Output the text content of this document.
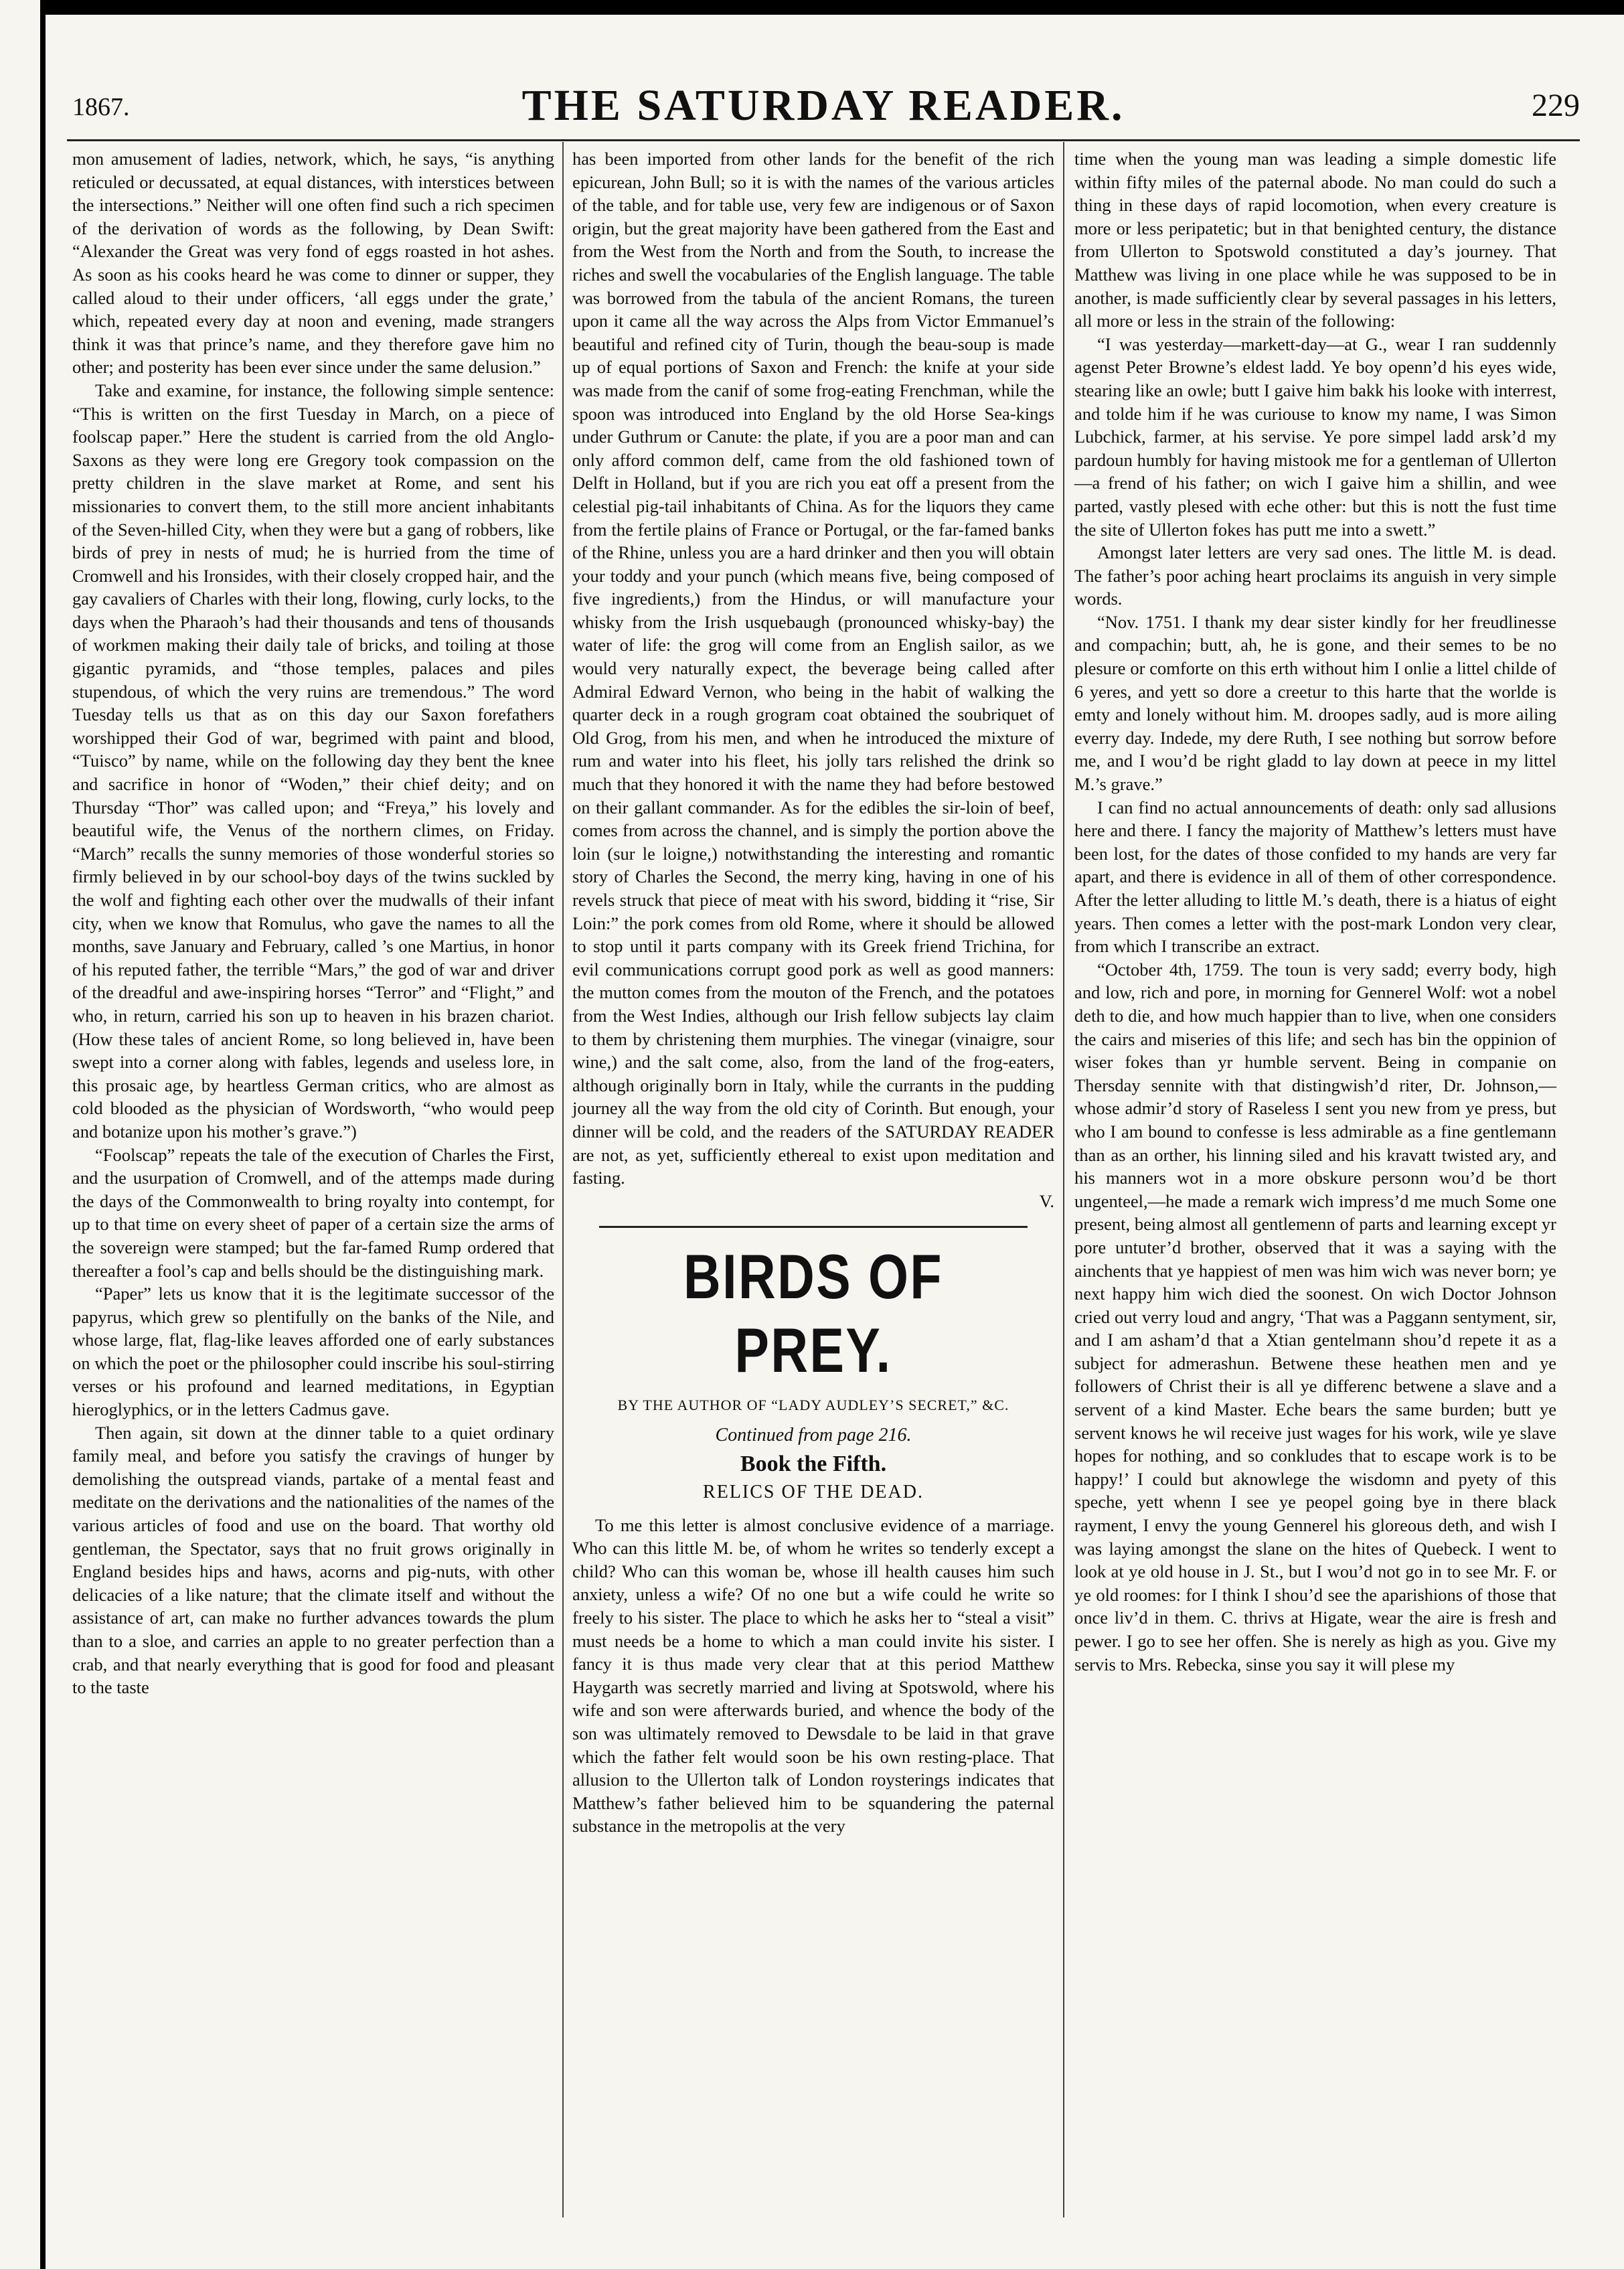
1867.	THE SATURDAY READER.	229

mon amusement of ladies, network, which, he says, “is anything reticuled or decussated, at equal distances, with interstices between the intersections.” Neither will one often find such a rich specimen of the derivation of words as the following, by Dean Swift: “Alexander the Great was very fond of eggs roasted in hot ashes. As soon as his cooks heard he was come to dinner or supper, they called aloud to their under officers, ‘all eggs under the grate,’ which, repeated every day at noon and evening, made strangers think it was that prince’s name, and they therefore gave him no other; and posterity has been ever since under the same delusion.”

Take and examine, for instance, the following simple sentence: “This is written on the first Tuesday in March, on a piece of foolscap paper.” Here the student is carried from the old Anglo-Saxons as they were long ere Gregory took compassion on the pretty children in the slave market at Rome, and sent his missionaries to convert them, to the still more ancient inhabitants of the Seven-hilled City, when they were but a gang of robbers, like birds of prey in nests of mud; he is hurried from the time of Cromwell and his Ironsides, with their closely cropped hair, and the gay cavaliers of Charles with their long, flowing, curly locks, to the days when the Pharaoh’s had their thousands and tens of thousands of workmen making their daily tale of bricks, and toiling at those gigantic pyramids, and “those temples, palaces and piles stupendous, of which the very ruins are tremendous.” The word Tuesday tells us that as on this day our Saxon forefathers worshipped their God of war, begrimed with paint and blood, “Tuisco” by name, while on the following day they bent the knee and sacrifice in honor of “Woden,” their chief deity; and on Thursday “Thor” was called upon; and “Freya,” his lovely and beautiful wife, the Venus of the northern climes, on Friday. “March” recalls the sunny memories of those wonderful stories so firmly believed in by our school-boy days of the twins suckled by the wolf and fighting each other over the mudwalls of their infant city, when we know that Romulus, who gave the names to all the months, save January and February, called ’s one Martius, in honor of his reputed father, the terrible “Mars,” the god of war and driver of the dreadful and awe-inspiring horses “Terror” and “Flight,” and who, in return, carried his son up to heaven in his brazen chariot. (How these tales of ancient Rome, so long believed in, have been swept into a corner along with fables, legends and useless lore, in this prosaic age, by heartless German critics, who are almost as cold blooded as the physician of Wordsworth, “who would peep and botanize upon his mother’s grave.”)

“Foolscap” repeats the tale of the execution of Charles the First, and the usurpation of Cromwell, and of the attemps made during the days of the Commonwealth to bring royalty into contempt, for up to that time on every sheet of paper of a certain size the arms of the sovereign were stamped; but the far-famed Rump ordered that thereafter a fool’s cap and bells should be the distinguishing mark.

“Paper” lets us know that it is the legitimate successor of the papyrus, which grew so plentifully on the banks of the Nile, and whose large, flat, flag-like leaves afforded one of early substances on which the poet or the philosopher could inscribe his soul-stirring verses or his profound and learned meditations, in Egyptian hieroglyphics, or in the letters Cadmus gave.

Then again, sit down at the dinner table to a quiet ordinary family meal, and before you satisfy the cravings of hunger by demolishing the outspread viands, partake of a mental feast and meditate on the derivations and the nationalities of the names of the various articles of food and use on the board. That worthy old gentleman, the Spectator, says that no fruit grows originally in England besides hips and haws, acorns and pig-nuts, with other delicacies of a like nature; that the climate itself and without the assistance of art, can make no further advances towards the plum than to a sloe, and carries an apple to no greater perfection than a crab, and that nearly everything that is good for food and pleasant to the taste

has been imported from other lands for the benefit of the rich epicurean, John Bull; so it is with the names of the various articles of the table, and for table use, very few are indigenous or of Saxon origin, but the great majority have been gathered from the East and from the West from the North and from the South, to increase the riches and swell the vocabularies of the English language. The table was borrowed from the tabula of the ancient Romans, the tureen upon it came all the way across the Alps from Victor Emmanuel’s beautiful and refined city of Turin, though the beau-soup is made up of equal portions of Saxon and French: the knife at your side was made from the canif of some frog-eating Frenchman, while the spoon was introduced into England by the old Horse Sea-kings under Guthrum or Canute: the plate, if you are a poor man and can only afford common delf, came from the old fashioned town of Delft in Holland, but if you are rich you eat off a present from the celestial pig-tail inhabitants of China. As for the liquors they came from the fertile plains of France or Portugal, or the far-famed banks of the Rhine, unless you are a hard drinker and then you will obtain your toddy and your punch (which means five, being composed of five ingredients,) from the Hindus, or will manufacture your whisky from the Irish usquebaugh (pronounced whisky-bay) the water of life: the grog will come from an English sailor, as we would very naturally expect, the beverage being called after Admiral Edward Vernon, who being in the habit of walking the quarter deck in a rough grogram coat obtained the soubriquet of Old Grog, from his men, and when he introduced the mixture of rum and water into his fleet, his jolly tars relished the drink so much that they honored it with the name they had before bestowed on their gallant commander. As for the edibles the sir-loin of beef, comes from across the channel, and is simply the portion above the loin (sur le loigne,) notwithstanding the interesting and romantic story of Charles the Second, the merry king, having in one of his revels struck that piece of meat with his sword, bidding it “rise, Sir Loin:” the pork comes from old Rome, where it should be allowed to stop until it parts company with its Greek friend Trichina, for evil communications corrupt good pork as well as good manners: the mutton comes from the mouton of the French, and the potatoes from the West Indies, although our Irish fellow subjects lay claim to them by christening them murphies. The vinegar (vinaigre, sour wine,) and the salt come, also, from the land of the frog-eaters, although originally born in Italy, while the currants in the pudding journey all the way from the old city of Corinth. But enough, your dinner will be cold, and the readers of the SATURDAY READER are not, as yet, sufficiently ethereal to exist upon meditation and fasting.

V.

BIRDS OF PREY.
BY THE AUTHOR OF “LADY AUDLEY’S SECRET,” &C.
Continued from page 216.
Book the Fifth.
RELICS OF THE DEAD.

To me this letter is almost conclusive evidence of a marriage. Who can this little M. be, of whom he writes so tenderly except a child? Who can this woman be, whose ill health causes him such anxiety, unless a wife? Of no one but a wife could he write so freely to his sister. The place to which he asks her to “steal a visit” must needs be a home to which a man could invite his sister. I fancy it is thus made very clear that at this period Matthew Haygarth was secretly married and living at Spotswold, where his wife and son were afterwards buried, and whence the body of the son was ultimately removed to Dewsdale to be laid in that grave which the father felt would soon be his own resting-place. That allusion to the Ullerton talk of London roysterings indicates that Matthew’s father believed him to be squandering the paternal substance in the metropolis at the very

time when the young man was leading a simple domestic life within fifty miles of the paternal abode. No man could do such a thing in these days of rapid locomotion, when every creature is more or less peripatetic; but in that benighted century, the distance from Ullerton to Spotswold constituted a day’s journey. That Matthew was living in one place while he was supposed to be in another, is made sufficiently clear by several passages in his letters, all more or less in the strain of the following:

“I was yesterday—markett-day—at G., wear I ran suddennly agenst Peter Browne’s eldest ladd. Ye boy openn’d his eyes wide, stearing like an owle; butt I gaive him bakk his looke with interrest, and tolde him if he was curiouse to know my name, I was Simon Lubchick, farmer, at his servise. Ye pore simpel ladd arsk’d my pardoun humbly for having mistook me for a gentleman of Ullerton—a frend of his father; on wich I gaive him a shillin, and wee parted, vastly plesed with eche other: but this is nott the fust time the site of Ullerton fokes has putt me into a swett.”

Amongst later letters are very sad ones. The little M. is dead. The father’s poor aching heart proclaims its anguish in very simple words.

“Nov. 1751. I thank my dear sister kindly for her freudlinesse and compachin; butt, ah, he is gone, and their semes to be no plesure or comforte on this erth without him I onlie a littel childe of 6 yeres, and yett so dore a creetur to this harte that the worlde is emty and lonely without him. M. droopes sadly, aud is more ailing everry day. Indede, my dere Ruth, I see nothing but sorrow before me, and I wou’d be right gladd to lay down at peece in my littel M.’s grave.”

I can find no actual announcements of death: only sad allusions here and there. I fancy the majority of Matthew’s letters must have been lost, for the dates of those confided to my hands are very far apart, and there is evidence in all of them of other correspondence. After the letter alluding to little M.’s death, there is a hiatus of eight years. Then comes a letter with the post-mark London very clear, from which I transcribe an extract.

“October 4th, 1759. The toun is very sadd; everry body, high and low, rich and pore, in morning for Gennerel Wolf: wot a nobel deth to die, and how much happier than to live, when one considers the cairs and miseries of this life; and sech has bin the oppinion of wiser fokes than yr humble servent. Being in companie on Thersday sennite with that distingwish’d riter, Dr. Johnson,—whose admir’d story of Raseless I sent you new from ye press, but who I am bound to confesse is less admirable as a fine gentlemann than as an orther, his linning siled and his kravatt twisted ary, and his manners wot in a more obskure personn wou’d be thort ungenteel,—he made a remark wich impress’d me much Some one present, being almost all gentlemenn of parts and learning except yr pore untuter’d brother, observed that it was a saying with the ainchents that ye happiest of men was him wich was never born; ye next happy him wich died the soonest. On wich Doctor Johnson cried out verry loud and angry, ‘That was a Paggann sentyment, sir, and I am asham’d that a Xtian gentelmann shou’d repete it as a subject for admerashun. Betwene these heathen men and ye followers of Christ their is all ye differenc betwene a slave and a servent of a kind Master. Eche bears the same burden; butt ye servent knows he wil receive just wages for his work, wile ye slave hopes for nothing, and so conkludes that to escape work is to be happy!’ I could but aknowlege the wisdomn and pyety of this speche, yett whenn I see ye peopel going bye in there black rayment, I envy the young Gennerel his gloreous deth, and wish I was laying amongst the slane on the hites of Quebeck. I went to look at ye old house in J. St., but I wou’d not go in to see Mr. F. or ye old roomes: for I think I shou’d see the aparishions of those that once liv’d in them. C. thrivs at Higate, wear the aire is fresh and pewer. I go to see her offen. She is nerely as high as you. Give my servis to Mrs. Rebecka, sinse you say it will plese my
